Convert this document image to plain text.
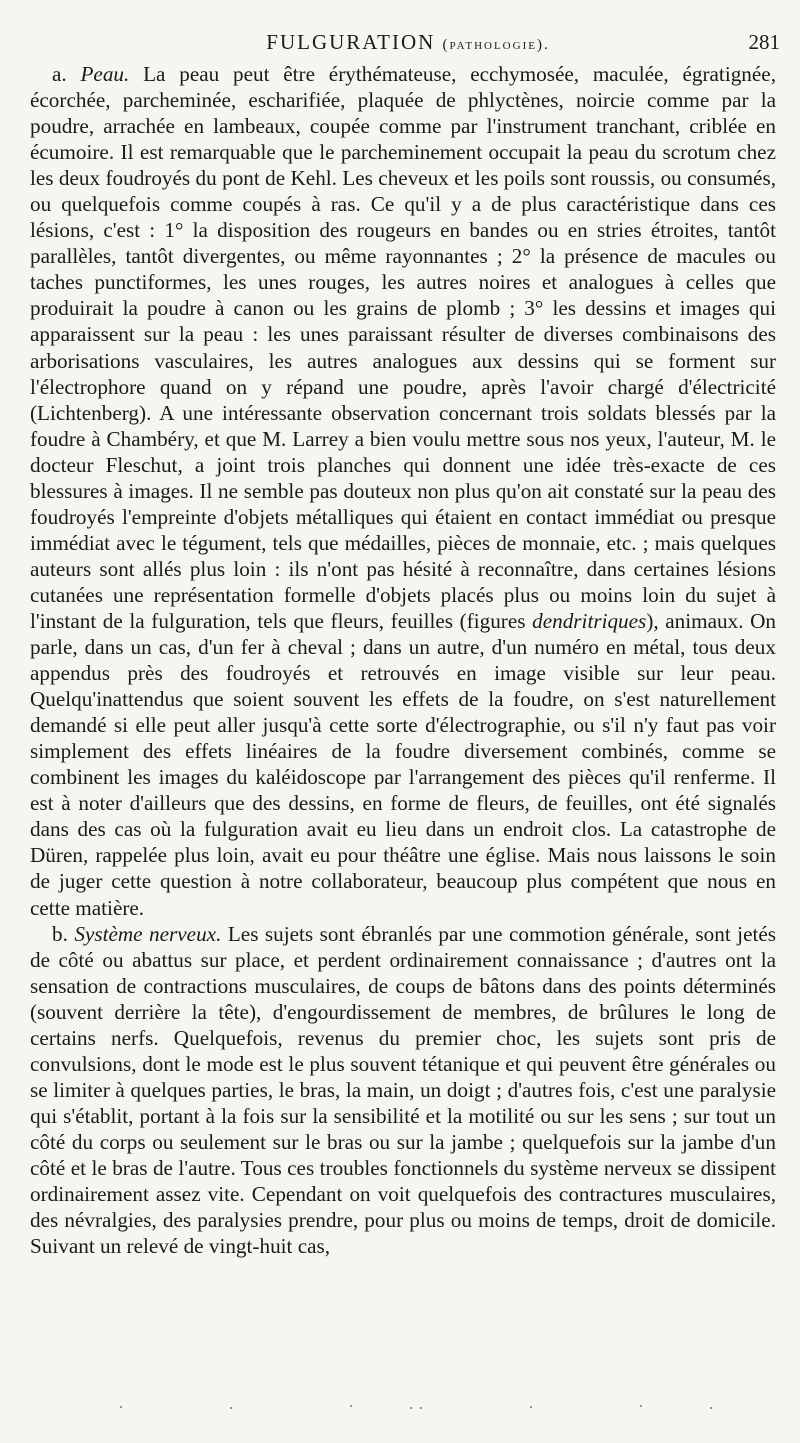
FULGURATION (pathologie).	281

a. Peau. La peau peut être érythémateuse, ecchymosée, maculée, égratignée, écorchée, parcheminée, escharifiée, plaquée de phlyctènes, noircie comme par la poudre, arrachée en lambeaux, coupée comme par l'instrument tranchant, criblée en écumoire. Il est remarquable que le parcheminement occupait la peau du scrotum chez les deux foudroyés du pont de Kehl. Les cheveux et les poils sont roussis, ou consumés, ou quelquefois comme coupés à ras. Ce qu'il y a de plus caractéristique dans ces lésions, c'est : 1° la disposition des rougeurs en bandes ou en stries étroites, tantôt parallèles, tantôt divergentes, ou même rayonnantes ; 2° la présence de macules ou taches punctiformes, les unes rouges, les autres noires et analogues à celles que produirait la poudre à canon ou les grains de plomb ; 3° les dessins et images qui apparaissent sur la peau : les unes paraissant résulter de diverses combinaisons des arborisations vasculaires, les autres analogues aux dessins qui se forment sur l'électrophore quand on y répand une poudre, après l'avoir chargé d'électricité (Lichtenberg). A une intéressante observation concernant trois soldats blessés par la foudre à Chambéry, et que M. Larrey a bien voulu mettre sous nos yeux, l'auteur, M. le docteur Fleschut, a joint trois planches qui donnent une idée très-exacte de ces blessures à images. Il ne semble pas douteux non plus qu'on ait constaté sur la peau des foudroyés l'empreinte d'objets métalliques qui étaient en contact immédiat ou presque immédiat avec le tégument, tels que médailles, pièces de monnaie, etc. ; mais quelques auteurs sont allés plus loin : ils n'ont pas hésité à reconnaître, dans certaines lésions cutanées une représentation formelle d'objets placés plus ou moins loin du sujet à l'instant de la fulguration, tels que fleurs, feuilles (figures dendritriques), animaux. On parle, dans un cas, d'un fer à cheval ; dans un autre, d'un numéro en métal, tous deux appendus près des foudroyés et retrouvés en image visible sur leur peau. Quelqu'inattendus que soient souvent les effets de la foudre, on s'est naturellement demandé si elle peut aller jusqu'à cette sorte d'électrographie, ou s'il n'y faut pas voir simplement des effets linéaires de la foudre diversement combinés, comme se combinent les images du kaléidoscope par l'arrangement des pièces qu'il renferme. Il est à noter d'ailleurs que des dessins, en forme de fleurs, de feuilles, ont été signalés dans des cas où la fulguration avait eu lieu dans un endroit clos. La catastrophe de Düren, rappelée plus loin, avait eu pour théâtre une église. Mais nous laissons le soin de juger cette question à notre collaborateur, beaucoup plus compétent que nous en cette matière.

b. Système nerveux. Les sujets sont ébranlés par une commotion générale, sont jetés de côté ou abattus sur place, et perdent ordinairement connaissance ; d'autres ont la sensation de contractions musculaires, de coups de bâtons dans des points déterminés (souvent derrière la tête), d'engourdissement de membres, de brûlures le long de certains nerfs. Quelquefois, revenus du premier choc, les sujets sont pris de convulsions, dont le mode est le plus souvent tétanique et qui peuvent être générales ou se limiter à quelques parties, le bras, la main, un doigt ; d'autres fois, c'est une paralysie qui s'établit, portant à la fois sur la sensibilité et la motilité ou sur les sens ; sur tout un côté du corps ou seulement sur le bras ou sur la jambe ; quelquefois sur la jambe d'un côté et le bras de l'autre. Tous ces troubles fonctionnels du système nerveux se dissipent ordinairement assez vite. Cependant on voit quelquefois des contractures musculaires, des névralgies, des paralysies prendre, pour plus ou moins de temps, droit de domicile. Suivant un relevé de vingt-huit cas,
